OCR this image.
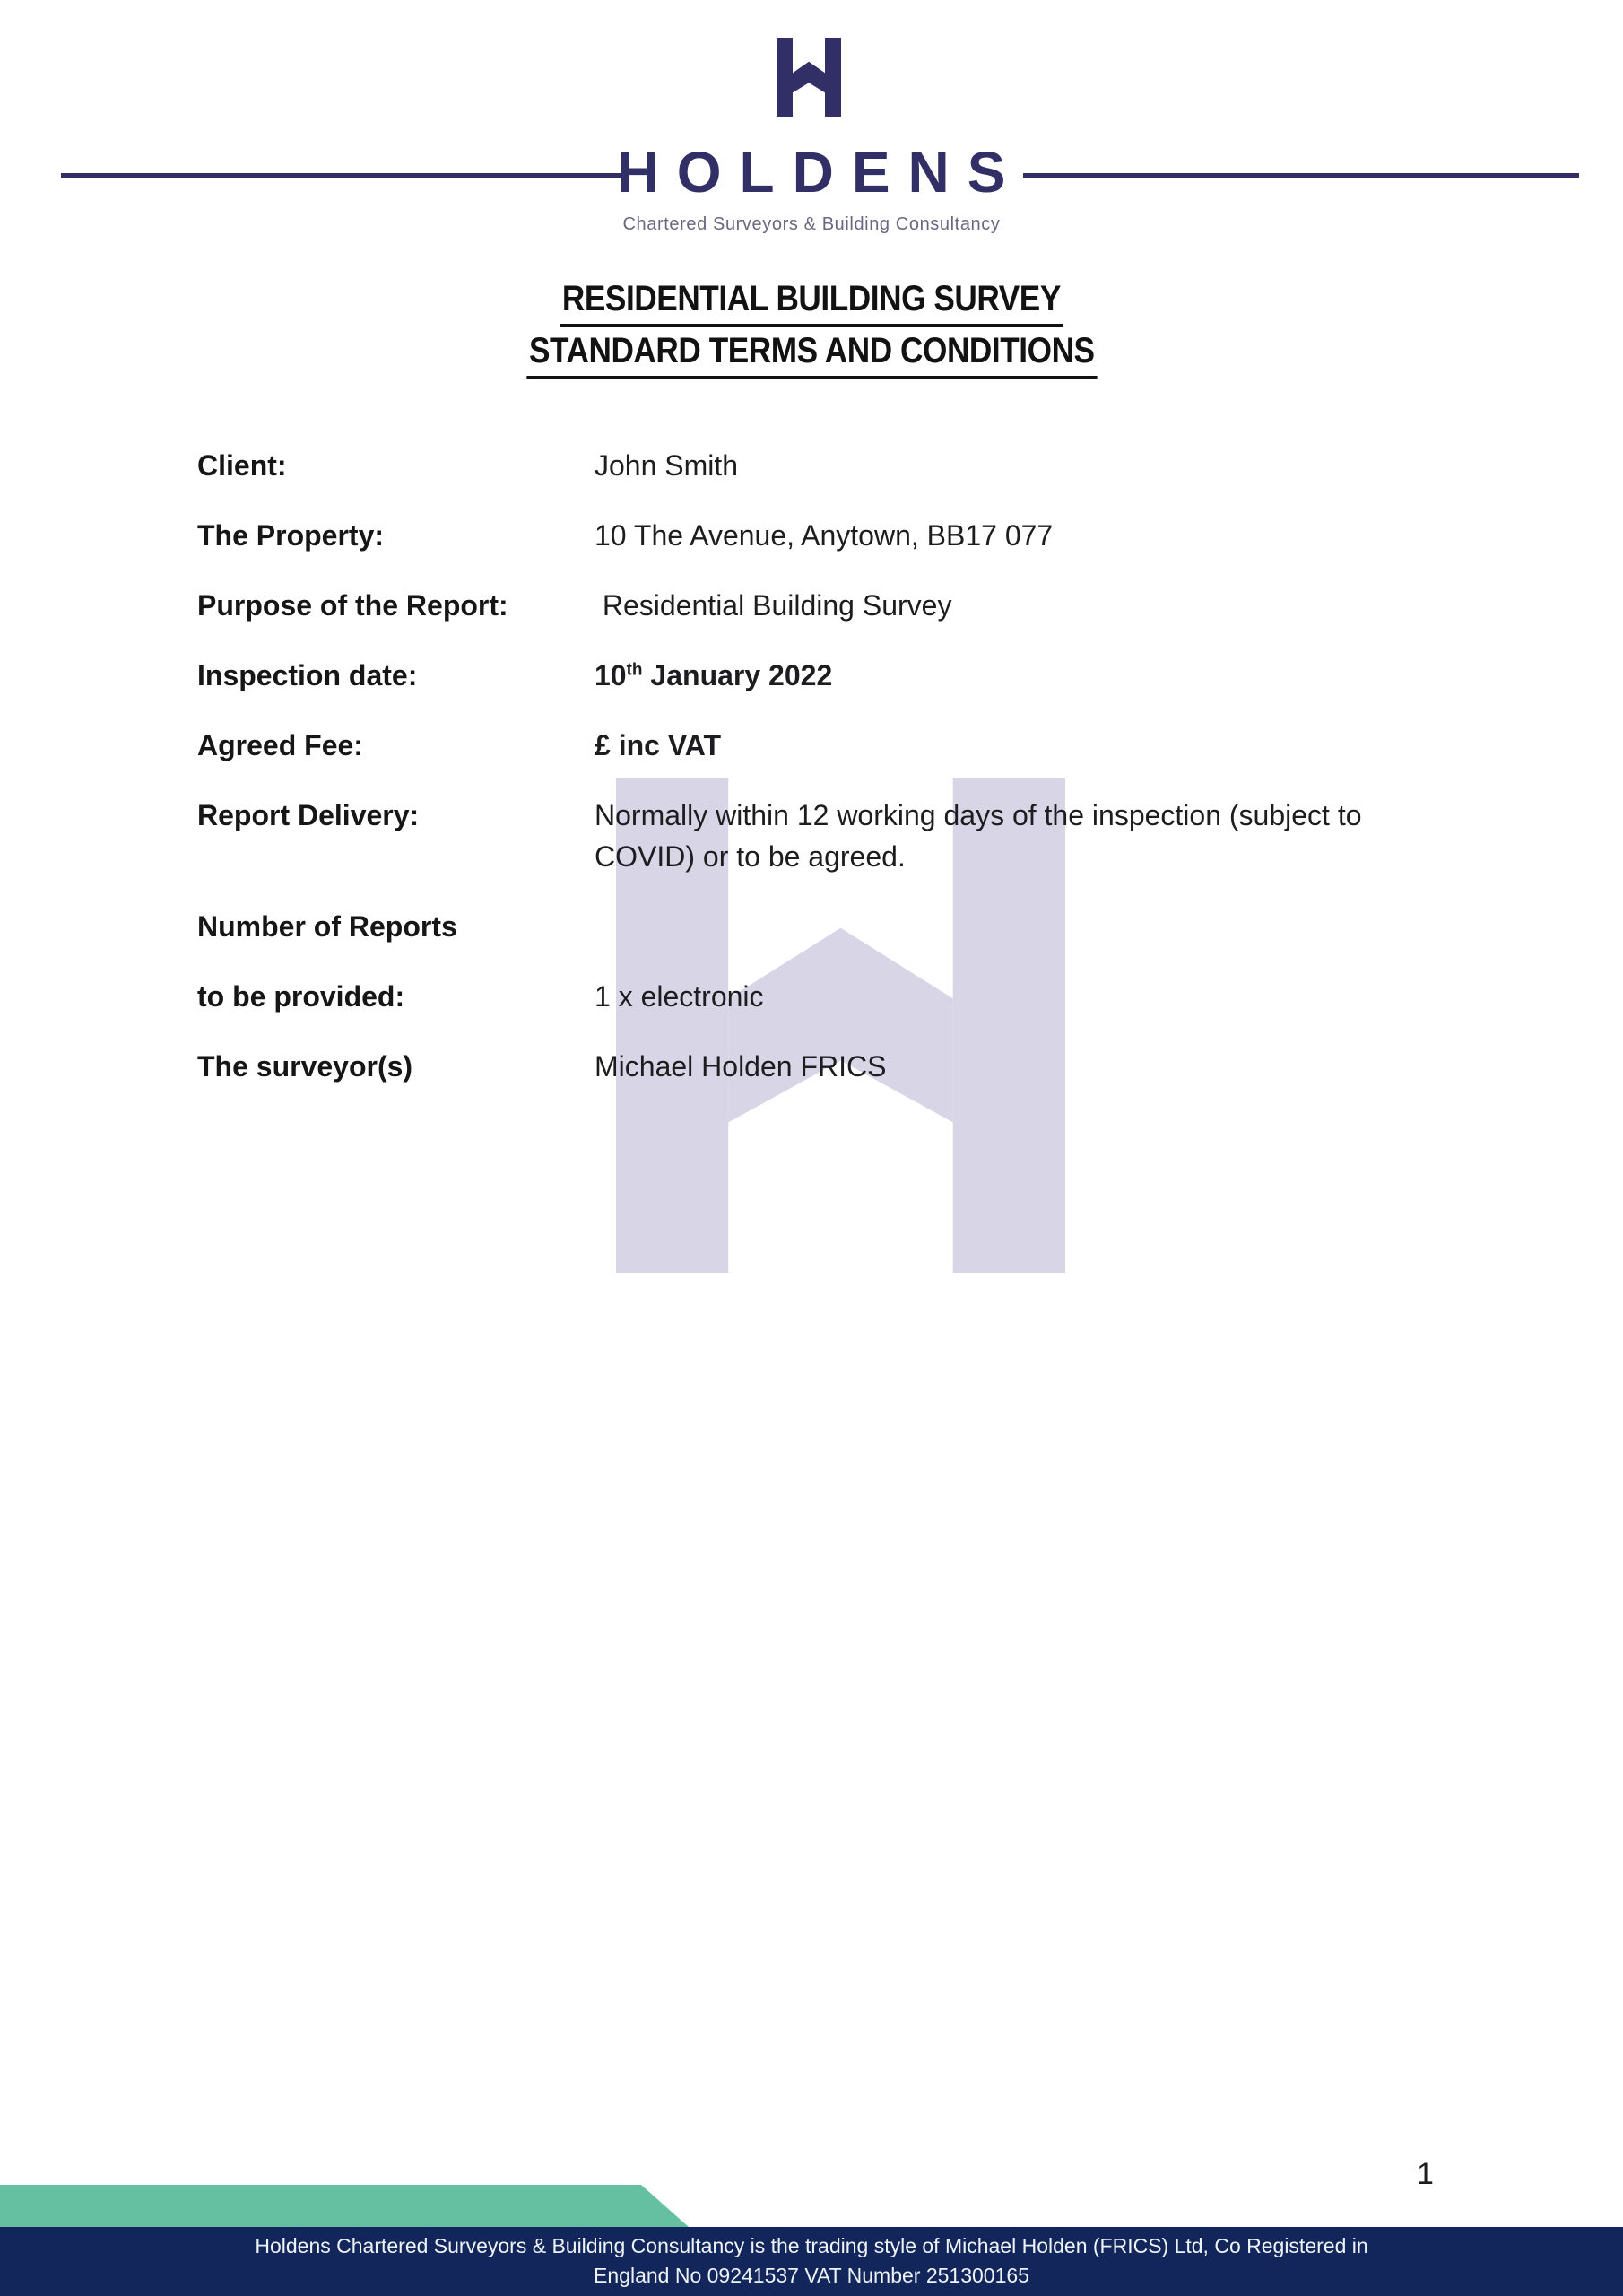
HOLDENS
Chartered Surveyors & Building Consultancy
RESIDENTIAL BUILDING SURVEY
STANDARD TERMS AND CONDITIONS
Client:	John Smith
The Property:	10 The Avenue, Anytown, BB17 077
Purpose of the Report:	Residential Building Survey
Inspection date:	10th January 2022
Agreed Fee:	£ inc VAT
Report Delivery:	Normally within 12 working days of the inspection (subject to COVID) or to be agreed.
Number of Reports
to be provided:	1 x electronic
The surveyor(s)	Michael Holden FRICS
1
Holdens Chartered Surveyors & Building Consultancy is the trading style of Michael Holden (FRICS) Ltd, Co Registered in
England No 09241537 VAT Number 251300165
